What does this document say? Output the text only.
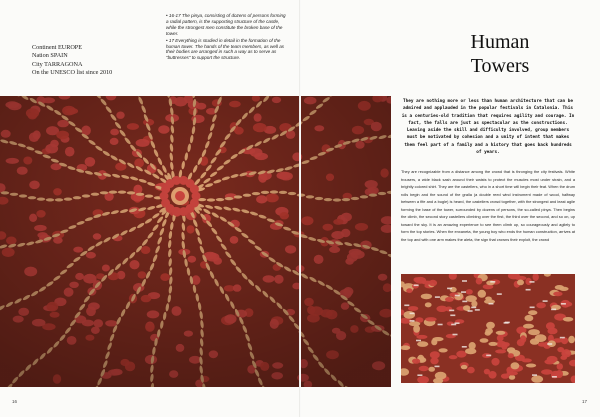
Continent EUROPE
Nation SPAIN
City TARRAGONA
On the UNESCO list since 2010

• 16-17 The pinya, consisting of dozens of persons forming a radial pattern, is the supporting structure of the castle, while the strongest men constitute the broken base of the tower.

• 17 Everything is studied in detail in the formation of the human tower. The hands of the team members, as well as their bodies are arranged in such a way as to serve as "buttresses" to support the structure.

16
Human
Towers
They are nothing more or less than human architecture that can be admired and applauded in the popular festivals in Catalonia. This is a centuries-old tradition that requires agility and courage. In fact, the falls are just as spectacular as the constructions. Leaving aside the skill and difficulty involved, group members must be motivated by cohesion and a unity of intent that makes them feel part of a family and a history that goes back hundreds of years.
They are recognizable from a distance among the crowd that is thronging the city festivals. White trousers, a wide black sash around their waists to protect the muscles most under strain, and a brightly colored shirt. They are the castellers, who in a short time will begin their feat. When the drum rolls begin and the sound of the gralla (a double reed wind instrument made of wood, halfway between a fife and a bugle) is heard, the castellers crowd together, with the strongest and least agile forming the base of the tower, surrounded by dozens of persons, the so-called pinya. Then begins the climb, the second story castellers climbing over the first, the third over the second, and so on, up toward the sky. It is an amazing experience to see them climb up, so courageously and agilely to form the top stories. When the enxaneta, the young boy who ends the human construction, arrives at the top and with one arm makes the aleta, the sign that crowns their exploit, the crowd
17
